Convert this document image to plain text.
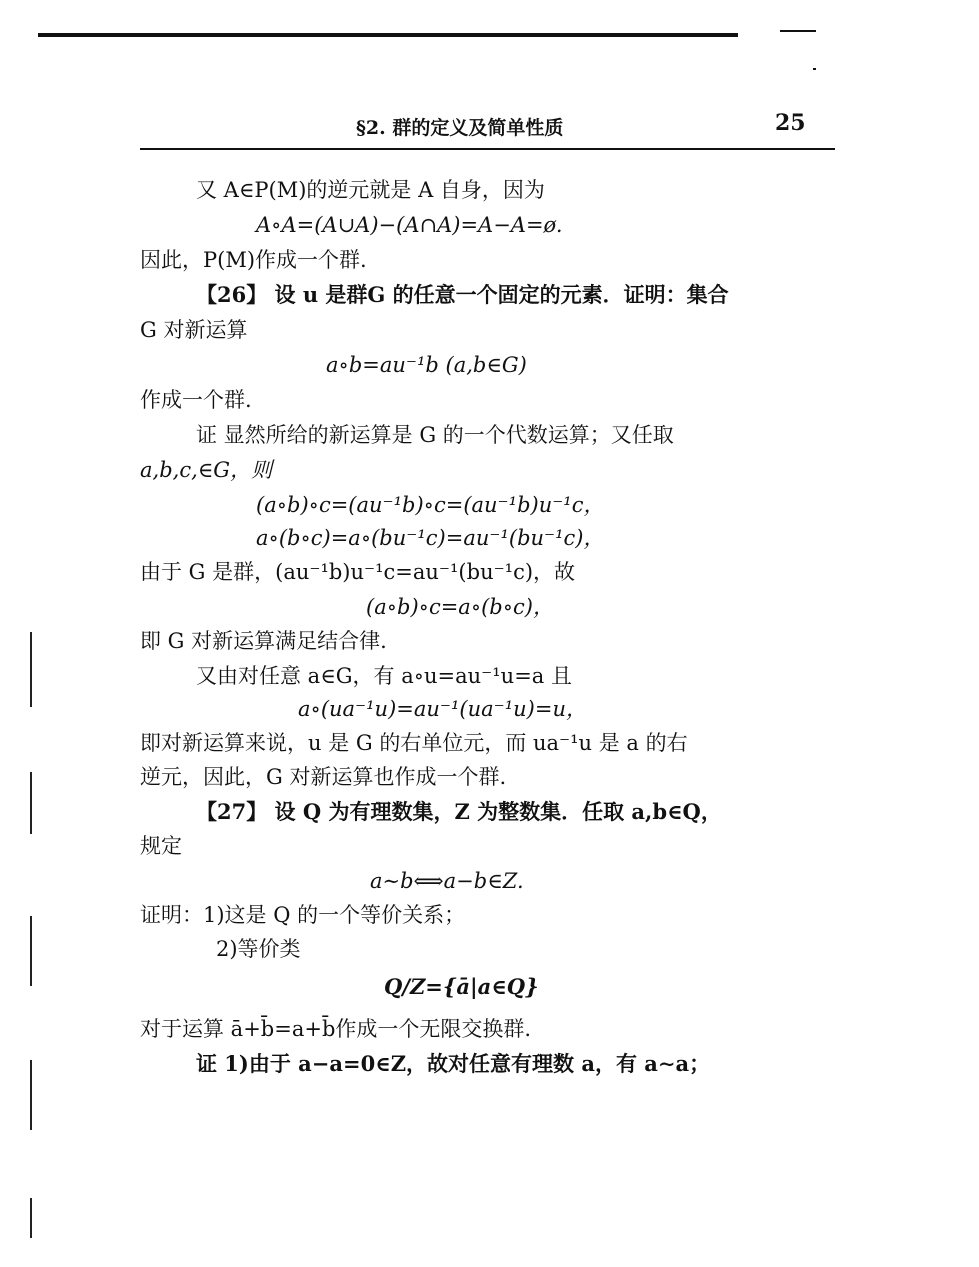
§2. 群的定义及简单性质	25
又 A∈P(M)的逆元就是 A 自身，因为
A∘A=(A∪A)−(A∩A)=A−A=ø.
因此，P(M)作成一个群.
【26】 设 u 是群G 的任意一个固定的元素．证明：集合
G 对新运算
a∘b=au⁻¹b (a,b∈G)
作成一个群.
证 显然所给的新运算是 G 的一个代数运算；又任取
a,b,c,∈G，则
(a∘b)∘c=(au⁻¹b)∘c=(au⁻¹b)u⁻¹c，
a∘(b∘c)=a∘(bu⁻¹c)=au⁻¹(bu⁻¹c)，
由于 G 是群，(au⁻¹b)u⁻¹c=au⁻¹(bu⁻¹c)，故
(a∘b)∘c=a∘(b∘c)，
即 G 对新运算满足结合律.
又由对任意 a∈G，有 a∘u=au⁻¹u=a 且
a∘(ua⁻¹u)=au⁻¹(ua⁻¹u)=u，
即对新运算来说，u 是 G 的右单位元，而 ua⁻¹u 是 a 的右
逆元，因此，G 对新运算也作成一个群.
【27】 设 Q 为有理数集，Z 为整数集．任取 a,b∈Q，
规定
a∼b⟺a−b∈Z.
证明：1)这是 Q 的一个等价关系；
2)等价类
Q/Z={ā|a∈Q}
对于运算 ā+b̄=a+b̄作成一个无限交换群.
证 1)由于 a−a=0∈Z，故对任意有理数 a，有 a∼a；
